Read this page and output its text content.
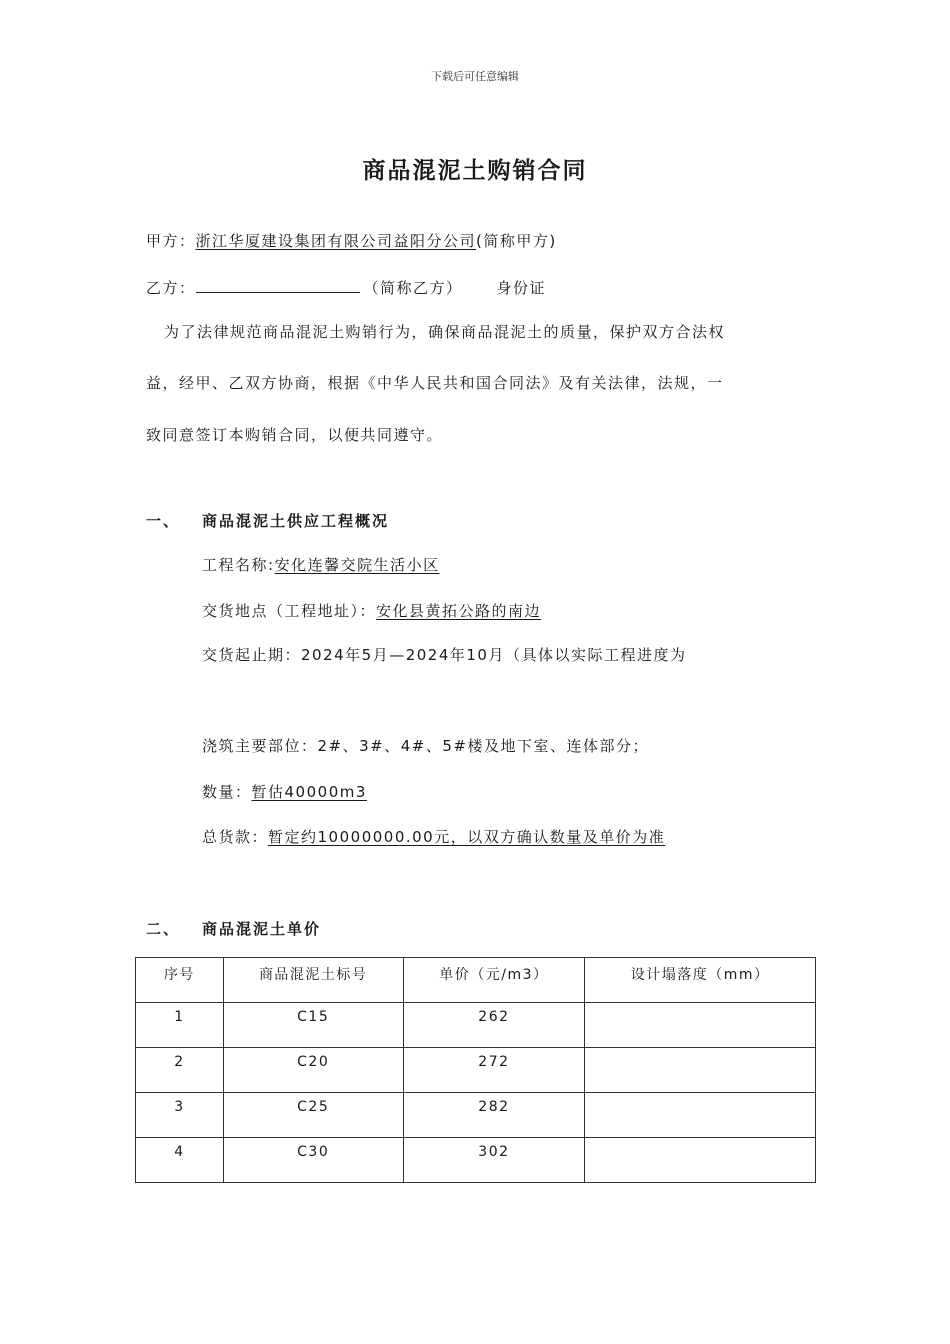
下载后可任意编辑
商品混泥土购销合同
甲方：浙江华厦建设集团有限公司益阳分公司(简称甲方)
乙方：	（简称乙方） 身份证
为了法律规范商品混泥土购销行为，确保商品混泥土的质量，保护双方合法权
益，经甲、乙双方协商，根据《中华人民共和国合同法》及有关法律，法规，一
致同意签订本购销合同，以便共同遵守。
一、 商品混泥土供应工程概况
工程名称:安化连馨交院生活小区
交货地点（工程地址）：安化县黄拓公路的南边
交货起止期：2024年5月—2024年10月（具体以实际工程进度为
浇筑主要部位：2#、3#、4#、5#楼及地下室、连体部分；
数量：暂估40000m3
总货款：暂定约10000000.00元，以双方确认数量及单价为准
二、 商品混泥土单价
序号	商品混泥土标号	单价（元/m3）	设计塌落度（mm）
1	C15	262	
2	C20	272	
3	C25	282	
4	C30	302	
